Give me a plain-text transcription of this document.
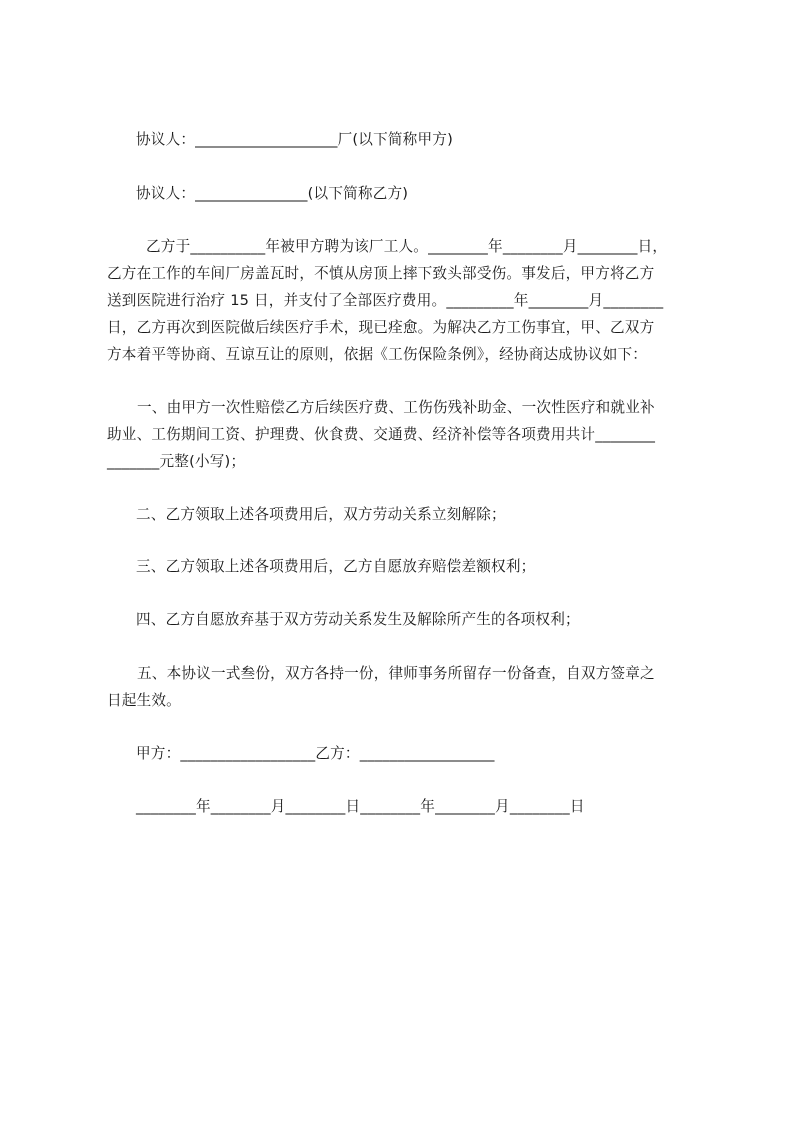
协议人：___________________厂(以下简称甲方)
协议人：_______________(以下简称乙方)
乙方于__________年被甲方聘为该厂工人。________年________月________日，
乙方在工作的车间厂房盖瓦时，不慎从房顶上摔下致头部受伤。事发后，甲方将乙方
送到医院进行治疗 15 日，并支付了全部医疗费用。_________年________月________
日，乙方再次到医院做后续医疗手术，现已痊愈。为解决乙方工伤事宜，甲、乙双方
方本着平等协商、互谅互让的原则，依据《工伤保险条例》，经协商达成协议如下：
一、由甲方一次性赔偿乙方后续医疗费、工伤伤残补助金、一次性医疗和就业补
助业、工伤期间工资、护理费、伙食费、交通费、经济补偿等各项费用共计________
_______元整(小写)；
二、乙方领取上述各项费用后，双方劳动关系立刻解除；
三、乙方领取上述各项费用后，乙方自愿放弃赔偿差额权利；
四、乙方自愿放弃基于双方劳动关系发生及解除所产生的各项权利；
五、本协议一式叁份，双方各持一份，律师事务所留存一份备查，自双方签章之
日起生效。
甲方：__________________乙方：__________________
________年________月________日________年________月________日
